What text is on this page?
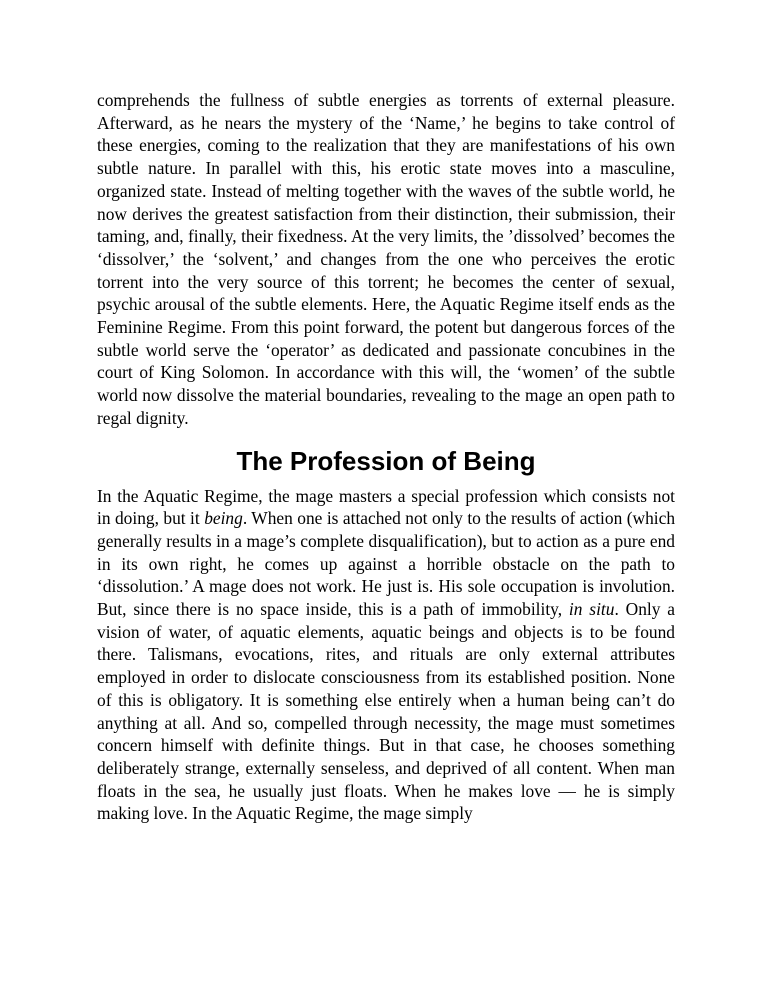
comprehends the fullness of subtle energies as torrents of external pleasure. Afterward, as he nears the mystery of the ‘Name,’ he begins to take control of these energies, coming to the realization that they are manifestations of his own subtle nature. In parallel with this, his erotic state moves into a masculine, organized state. Instead of melting together with the waves of the subtle world, he now derives the greatest satisfaction from their distinction, their submission, their taming, and, finally, their fixedness. At the very limits, the ’dissolved’ becomes the ‘dissolver,’ the ‘solvent,’ and changes from the one who perceives the erotic torrent into the very source of this torrent; he becomes the center of sexual, psychic arousal of the subtle elements. Here, the Aquatic Regime itself ends as the Feminine Regime. From this point forward, the potent but dangerous forces of the subtle world serve the ‘operator’ as dedicated and passionate concubines in the court of King Solomon. In accordance with this will, the ‘women’ of the subtle world now dissolve the material boundaries, revealing to the mage an open path to regal dignity.

The Profession of Being

In the Aquatic Regime, the mage masters a special profession which consists not in doing, but it being. When one is attached not only to the results of action (which generally results in a mage’s complete disqualification), but to action as a pure end in its own right, he comes up against a horrible obstacle on the path to ‘dissolution.’ A mage does not work. He just is. His sole occupation is involution. But, since there is no space inside, this is a path of immobility, in situ. Only a vision of water, of aquatic elements, aquatic beings and objects is to be found there. Talismans, evocations, rites, and rituals are only external attributes employed in order to dislocate consciousness from its established position. None of this is obligatory. It is something else entirely when a human being can’t do anything at all. And so, compelled through necessity, the mage must sometimes concern himself with definite things. But in that case, he chooses something deliberately strange, externally senseless, and deprived of all content. When man floats in the sea, he usually just floats. When he makes love — he is simply making love. In the Aquatic Regime, the mage simply
